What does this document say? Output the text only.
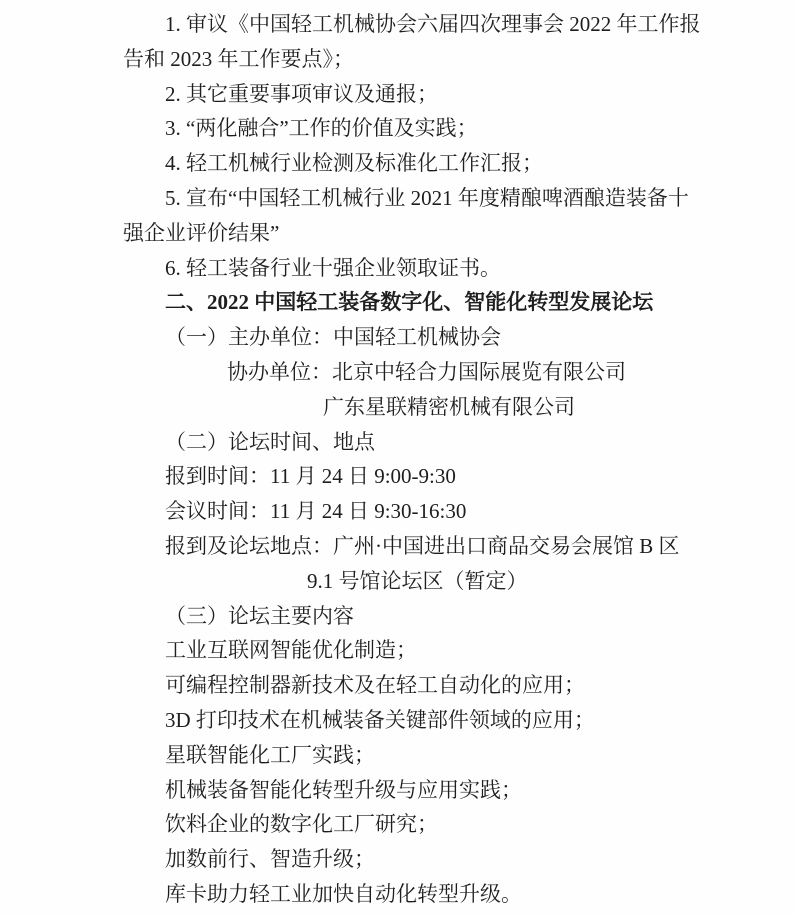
1. 审议《中国轻工机械协会六届四次理事会 2022 年工作报
告和 2023 年工作要点》；
2. 其它重要事项审议及通报；
3. “两化融合”工作的价值及实践；
4. 轻工机械行业检测及标准化工作汇报；
5. 宣布“中国轻工机械行业 2021 年度精酿啤酒酿造装备十
强企业评价结果”
6. 轻工装备行业十强企业领取证书。
二、2022 中国轻工装备数字化、智能化转型发展论坛
（一）主办单位：中国轻工机械协会
协办单位：北京中轻合力国际展览有限公司
广东星联精密机械有限公司
（二）论坛时间、地点
报到时间：11 月 24 日 9:00-9:30
会议时间：11 月 24 日 9:30-16:30
报到及论坛地点：广州·中国进出口商品交易会展馆 B 区
9.1 号馆论坛区（暂定）
（三）论坛主要内容
工业互联网智能优化制造；
可编程控制器新技术及在轻工自动化的应用；
3D 打印技术在机械装备关键部件领域的应用；
星联智能化工厂实践；
机械装备智能化转型升级与应用实践；
饮料企业的数字化工厂研究；
加数前行、智造升级；
库卡助力轻工业加快自动化转型升级。
